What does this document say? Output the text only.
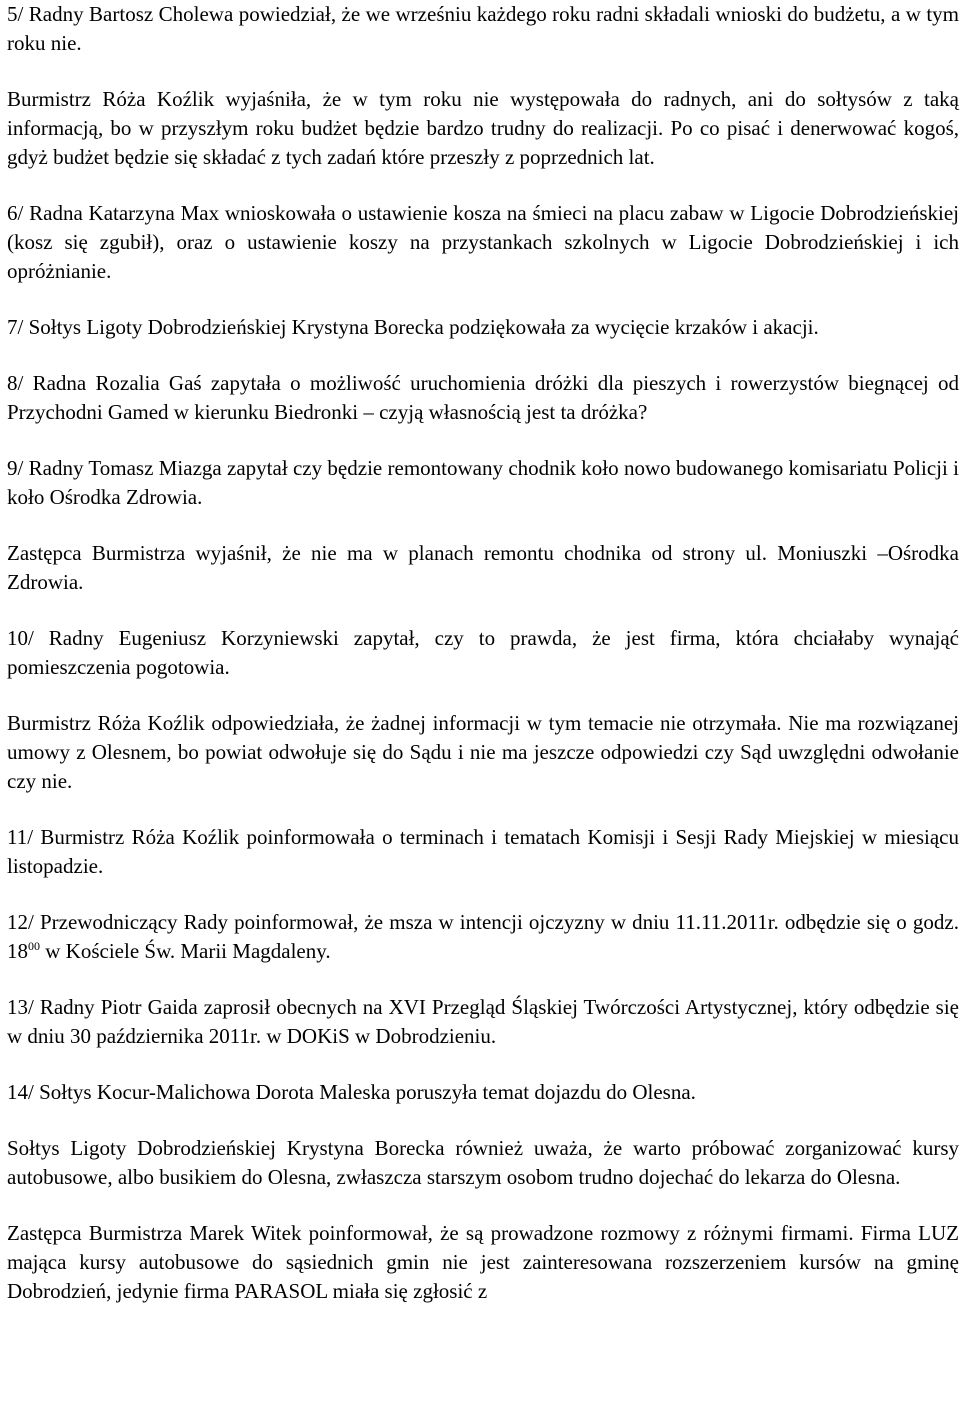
5/ Radny Bartosz Cholewa powiedział, że we wrześniu każdego roku radni składali wnioski do budżetu, a w tym roku nie.

Burmistrz Róża Koźlik wyjaśniła, że w tym roku nie występowała do radnych, ani do sołtysów z taką informacją, bo w przyszłym roku budżet będzie bardzo trudny do realizacji. Po co pisać i denerwować kogoś, gdyż budżet będzie się składać z tych zadań które przeszły z poprzednich lat.

6/ Radna Katarzyna Max wnioskowała o ustawienie kosza na śmieci na placu zabaw w Ligocie Dobrodzieńskiej (kosz się zgubił), oraz o ustawienie koszy na przystankach szkolnych w Ligocie Dobrodzieńskiej i ich opróżnianie.

7/ Sołtys Ligoty Dobrodzieńskiej Krystyna Borecka podziękowała za wycięcie krzaków i akacji.

8/ Radna Rozalia Gaś zapytała o możliwość uruchomienia dróżki dla pieszych i rowerzystów biegnącej od Przychodni Gamed w kierunku Biedronki – czyją własnością jest ta dróżka?

9/ Radny Tomasz Miazga zapytał czy będzie remontowany chodnik koło nowo budowanego komisariatu Policji i koło Ośrodka Zdrowia.

Zastępca Burmistrza wyjaśnił, że nie ma w planach remontu chodnika od strony ul. Moniuszki –Ośrodka Zdrowia.

10/ Radny Eugeniusz Korzyniewski zapytał, czy to prawda, że jest firma, która chciałaby wynająć pomieszczenia pogotowia.

Burmistrz Róża Koźlik odpowiedziała, że żadnej informacji w tym temacie nie otrzymała. Nie ma rozwiązanej umowy z Olesnem, bo powiat odwołuje się do Sądu i nie ma jeszcze odpowiedzi czy Sąd uwzględni odwołanie czy nie.

11/ Burmistrz Róża Koźlik poinformowała o terminach i tematach Komisji i Sesji Rady Miejskiej w miesiącu listopadzie.

12/ Przewodniczący Rady poinformował, że msza w intencji ojczyzny w dniu 11.11.2011r. odbędzie się o godz. $18^{00}$ w Kościele Św. Marii Magdaleny.

13/ Radny Piotr Gaida zaprosił obecnych na XVI Przegląd Śląskiej Twórczości Artystycznej, który odbędzie się w dniu 30 października 2011r. w DOKiS w Dobrodzieniu.

14/ Sołtys Kocur-Malichowa Dorota Maleska poruszyła temat dojazdu do Olesna.

Sołtys Ligoty Dobrodzieńskiej Krystyna Borecka również uważa, że warto próbować zorganizować kursy autobusowe, albo busikiem do Olesna, zwłaszcza starszym osobom trudno dojechać do lekarza do Olesna.

Zastępca Burmistrza Marek Witek poinformował, że są prowadzone rozmowy z różnymi firmami. Firma LUZ mająca kursy autobusowe do sąsiednich gmin nie jest zainteresowana rozszerzeniem kursów na gminę Dobrodzień, jedynie firma PARASOL miała się zgłosić z
